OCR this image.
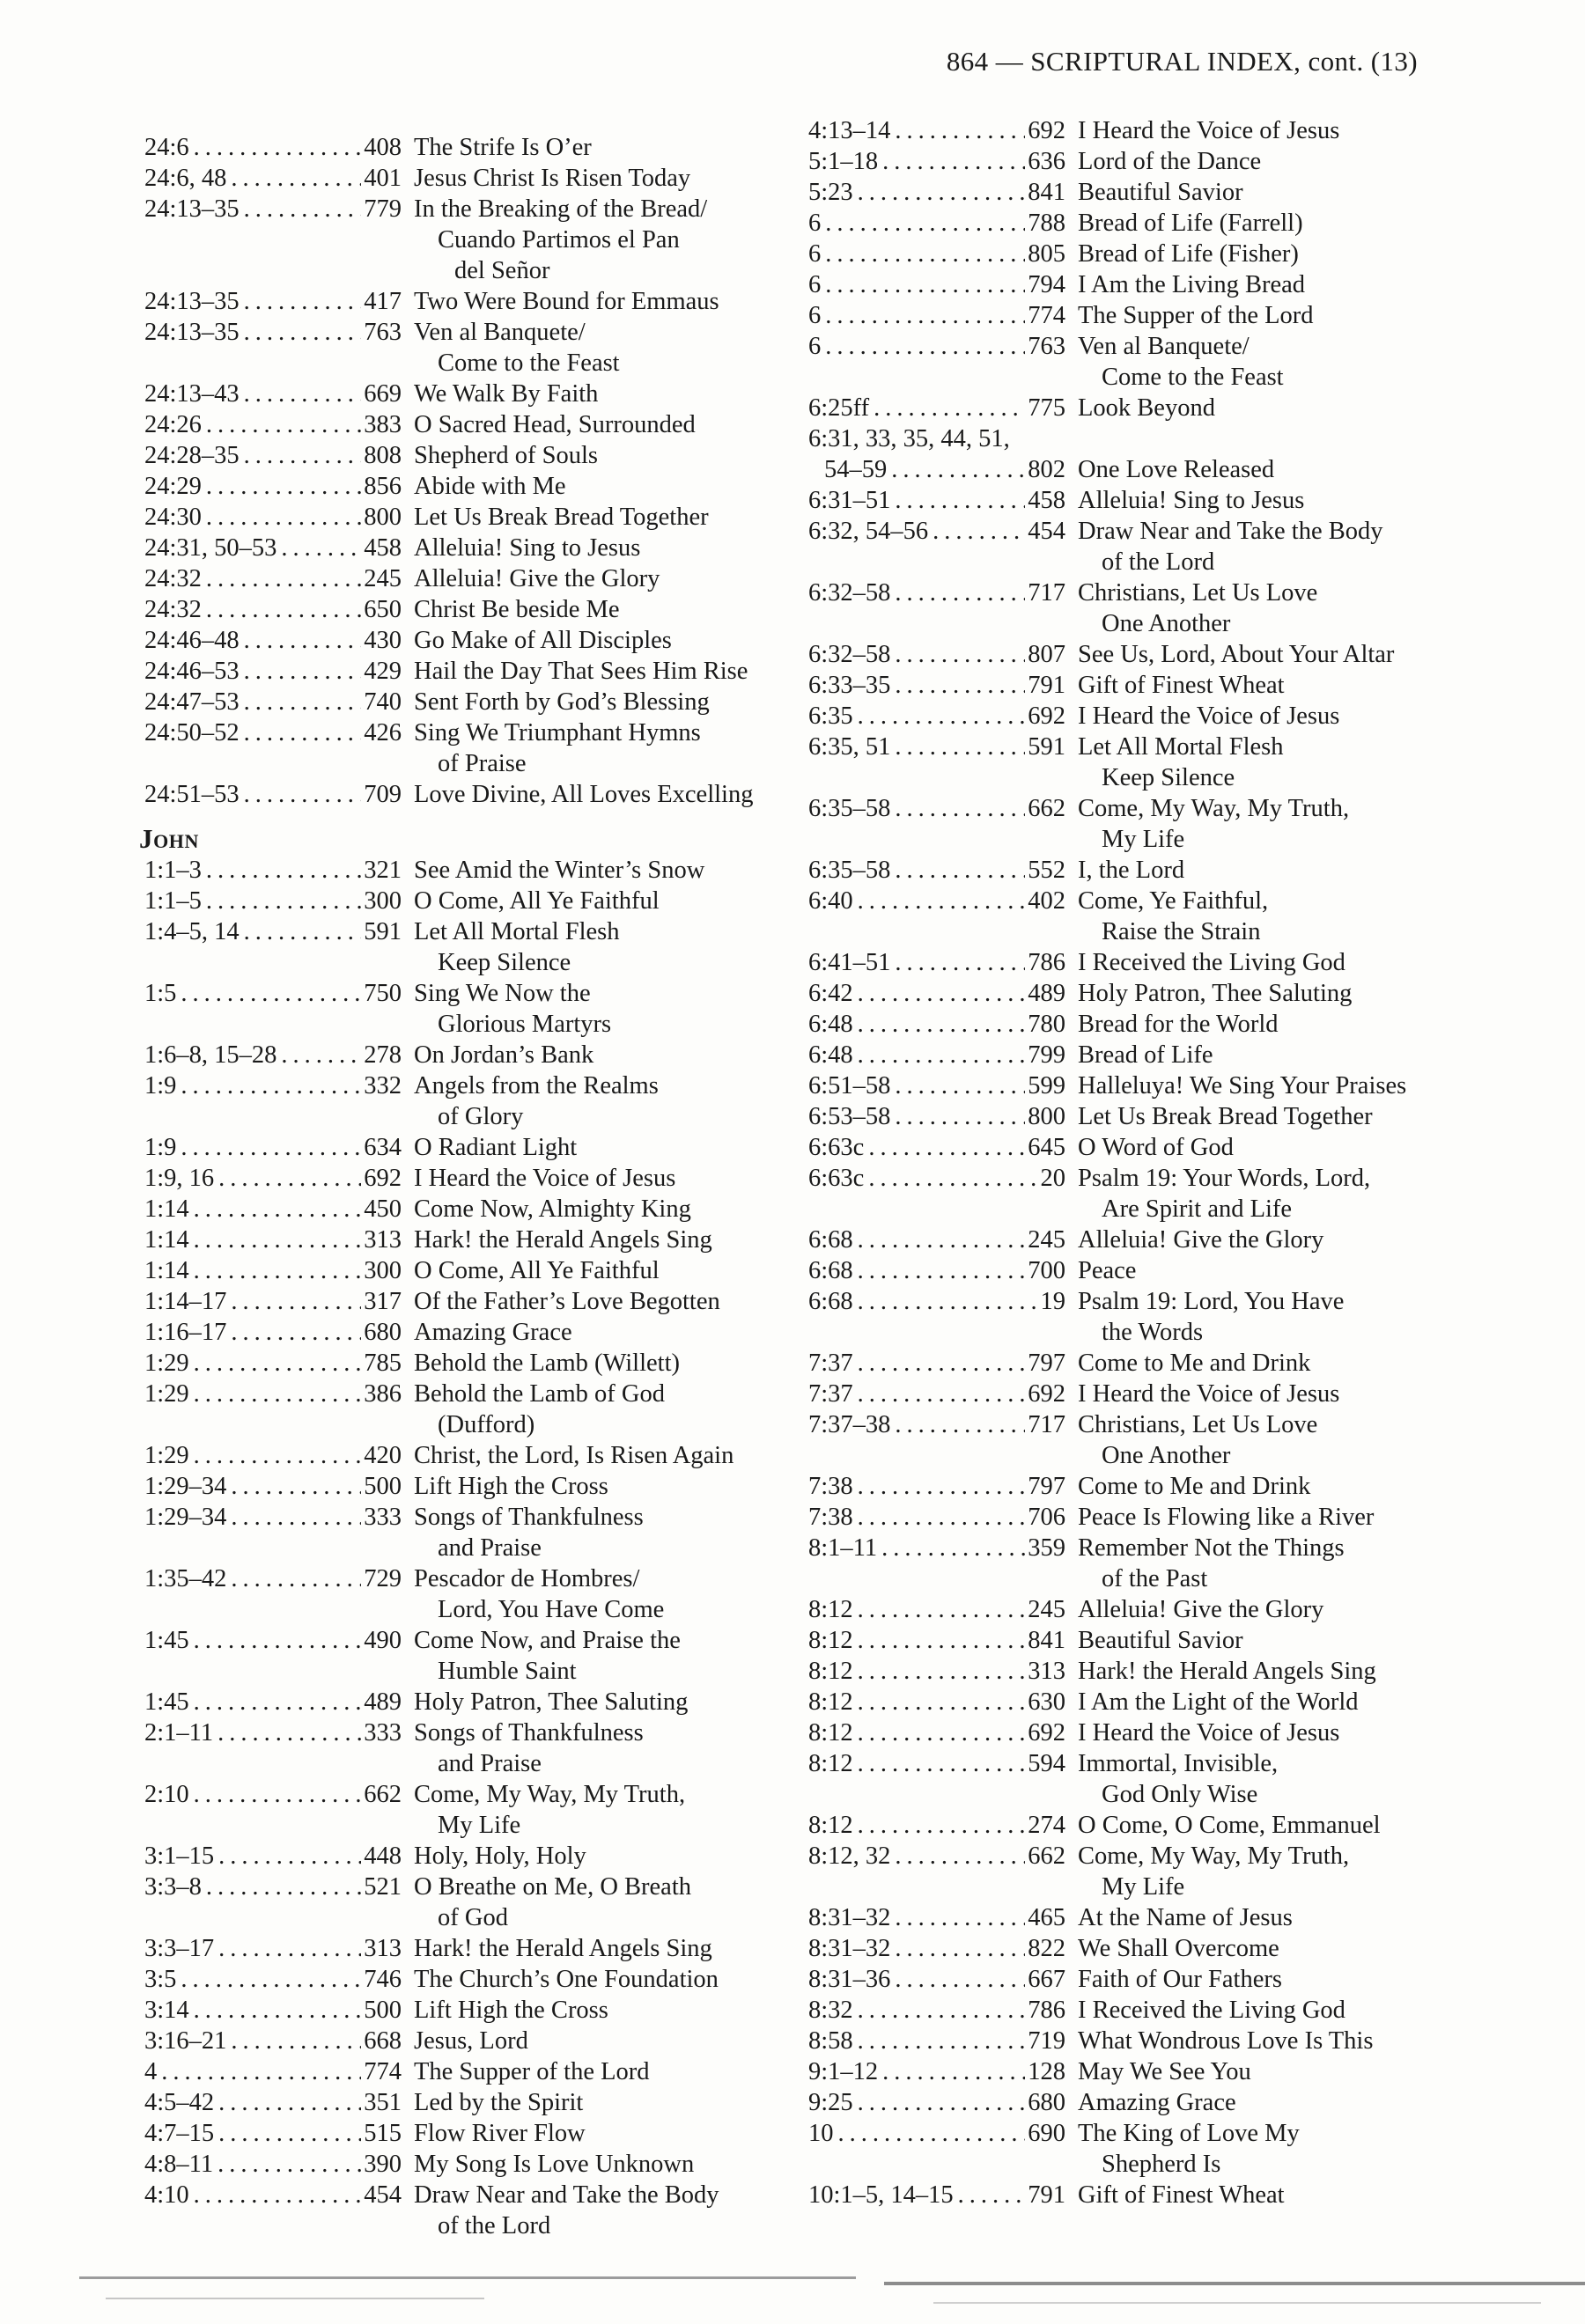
864 — SCRIPTURAL INDEX, cont. (13)
24:6 .....	408 The Strife Is O’er
24:6, 48 .....	401 Jesus Christ Is Risen Today
24:13–35 .....	779 In the Breaking of the Bread/
Cuando Partimos el Pan
del Señor
24:13–35 .....	417 Two Were Bound for Emmaus
24:13–35 .....	763 Ven al Banquete/
Come to the Feast
24:13–43 .....	669 We Walk By Faith
24:26 .....	383 O Sacred Head, Surrounded
24:28–35 .....	808 Shepherd of Souls
24:29 .....	856 Abide with Me
24:30 .....	800 Let Us Break Bread Together
24:31, 50–53 .....	458 Alleluia! Sing to Jesus
24:32 .....	245 Alleluia! Give the Glory
24:32 .....	650 Christ Be beside Me
24:46–48 .....	430 Go Make of All Disciples
24:46–53 .....	429 Hail the Day That Sees Him Rise
24:47–53 .....	740 Sent Forth by God’s Blessing
24:50–52 .....	426 Sing We Triumphant Hymns
of Praise
24:51–53 .....	709 Love Divine, All Loves Excelling
John
1:1–3 .....	321 See Amid the Winter’s Snow
1:1–5 .....	300 O Come, All Ye Faithful
1:4–5, 14 .....	591 Let All Mortal Flesh
Keep Silence
1:5 .....	750 Sing We Now the
Glorious Martyrs
1:6–8, 15–28 .....	278 On Jordan’s Bank
1:9 .....	332 Angels from the Realms
of Glory
1:9 .....	634 O Radiant Light
1:9, 16 .....	692 I Heard the Voice of Jesus
1:14 .....	450 Come Now, Almighty King
1:14 .....	313 Hark! the Herald Angels Sing
1:14 .....	300 O Come, All Ye Faithful
1:14–17 .....	317 Of the Father’s Love Begotten
1:16–17 .....	680 Amazing Grace
1:29 .....	785 Behold the Lamb (Willett)
1:29 .....	386 Behold the Lamb of God
(Dufford)
1:29 .....	420 Christ, the Lord, Is Risen Again
1:29–34 .....	500 Lift High the Cross
1:29–34 .....	333 Songs of Thankfulness
and Praise
1:35–42 .....	729 Pescador de Hombres/
Lord, You Have Come
1:45 .....	490 Come Now, and Praise the
Humble Saint
1:45 .....	489 Holy Patron, Thee Saluting
2:1–11 .....	333 Songs of Thankfulness
and Praise
2:10 .....	662 Come, My Way, My Truth,
My Life
3:1–15 .....	448 Holy, Holy, Holy
3:3–8 .....	521 O Breathe on Me, O Breath
of God
3:3–17 .....	313 Hark! the Herald Angels Sing
3:5 .....	746 The Church’s One Foundation
3:14 .....	500 Lift High the Cross
3:16–21 .....	668 Jesus, Lord
4 .....	774 The Supper of the Lord
4:5–42 .....	351 Led by the Spirit
4:7–15 .....	515 Flow River Flow
4:8–11 .....	390 My Song Is Love Unknown
4:10 .....	454 Draw Near and Take the Body
of the Lord
4:13–14 .....	692 I Heard the Voice of Jesus
5:1–18 .....	636 Lord of the Dance
5:23 .....	841 Beautiful Savior
6 .....	788 Bread of Life (Farrell)
6 .....	805 Bread of Life (Fisher)
6 .....	794 I Am the Living Bread
6 .....	774 The Supper of the Lord
6 .....	763 Ven al Banquete/
Come to the Feast
6:25ff .....	775 Look Beyond
6:31, 33, 35, 44, 51,
54–59 .....	802 One Love Released
6:31–51 .....	458 Alleluia! Sing to Jesus
6:32, 54–56 .....	454 Draw Near and Take the Body
of the Lord
6:32–58 .....	717 Christians, Let Us Love
One Another
6:32–58 .....	807 See Us, Lord, About Your Altar
6:33–35 .....	791 Gift of Finest Wheat
6:35 .....	692 I Heard the Voice of Jesus
6:35, 51 .....	591 Let All Mortal Flesh
Keep Silence
6:35–58 .....	662 Come, My Way, My Truth,
My Life
6:35–58 .....	552 I, the Lord
6:40 .....	402 Come, Ye Faithful,
Raise the Strain
6:41–51 .....	786 I Received the Living God
6:42 .....	489 Holy Patron, Thee Saluting
6:48 .....	780 Bread for the World
6:48 .....	799 Bread of Life
6:51–58 .....	599 Halleluya! We Sing Your Praises
6:53–58 .....	800 Let Us Break Bread Together
6:63c .....	645 O Word of God
6:63c .....	20 Psalm 19: Your Words, Lord,
Are Spirit and Life
6:68 .....	245 Alleluia! Give the Glory
6:68 .....	700 Peace
6:68 .....	19 Psalm 19: Lord, You Have
the Words
7:37 .....	797 Come to Me and Drink
7:37 .....	692 I Heard the Voice of Jesus
7:37–38 .....	717 Christians, Let Us Love
One Another
7:38 .....	797 Come to Me and Drink
7:38 .....	706 Peace Is Flowing like a River
8:1–11 .....	359 Remember Not the Things
of the Past
8:12 .....	245 Alleluia! Give the Glory
8:12 .....	841 Beautiful Savior
8:12 .....	313 Hark! the Herald Angels Sing
8:12 .....	630 I Am the Light of the World
8:12 .....	692 I Heard the Voice of Jesus
8:12 .....	594 Immortal, Invisible,
God Only Wise
8:12 .....	274 O Come, O Come, Emmanuel
8:12, 32 .....	662 Come, My Way, My Truth,
My Life
8:31–32 .....	465 At the Name of Jesus
8:31–32 .....	822 We Shall Overcome
8:31–36 .....	667 Faith of Our Fathers
8:32 .....	786 I Received the Living God
8:58 .....	719 What Wondrous Love Is This
9:1–12 .....	128 May We See You
9:25 .....	680 Amazing Grace
10 .....	690 The King of Love My
Shepherd Is
10:1–5, 14–15 .....	791 Gift of Finest Wheat
